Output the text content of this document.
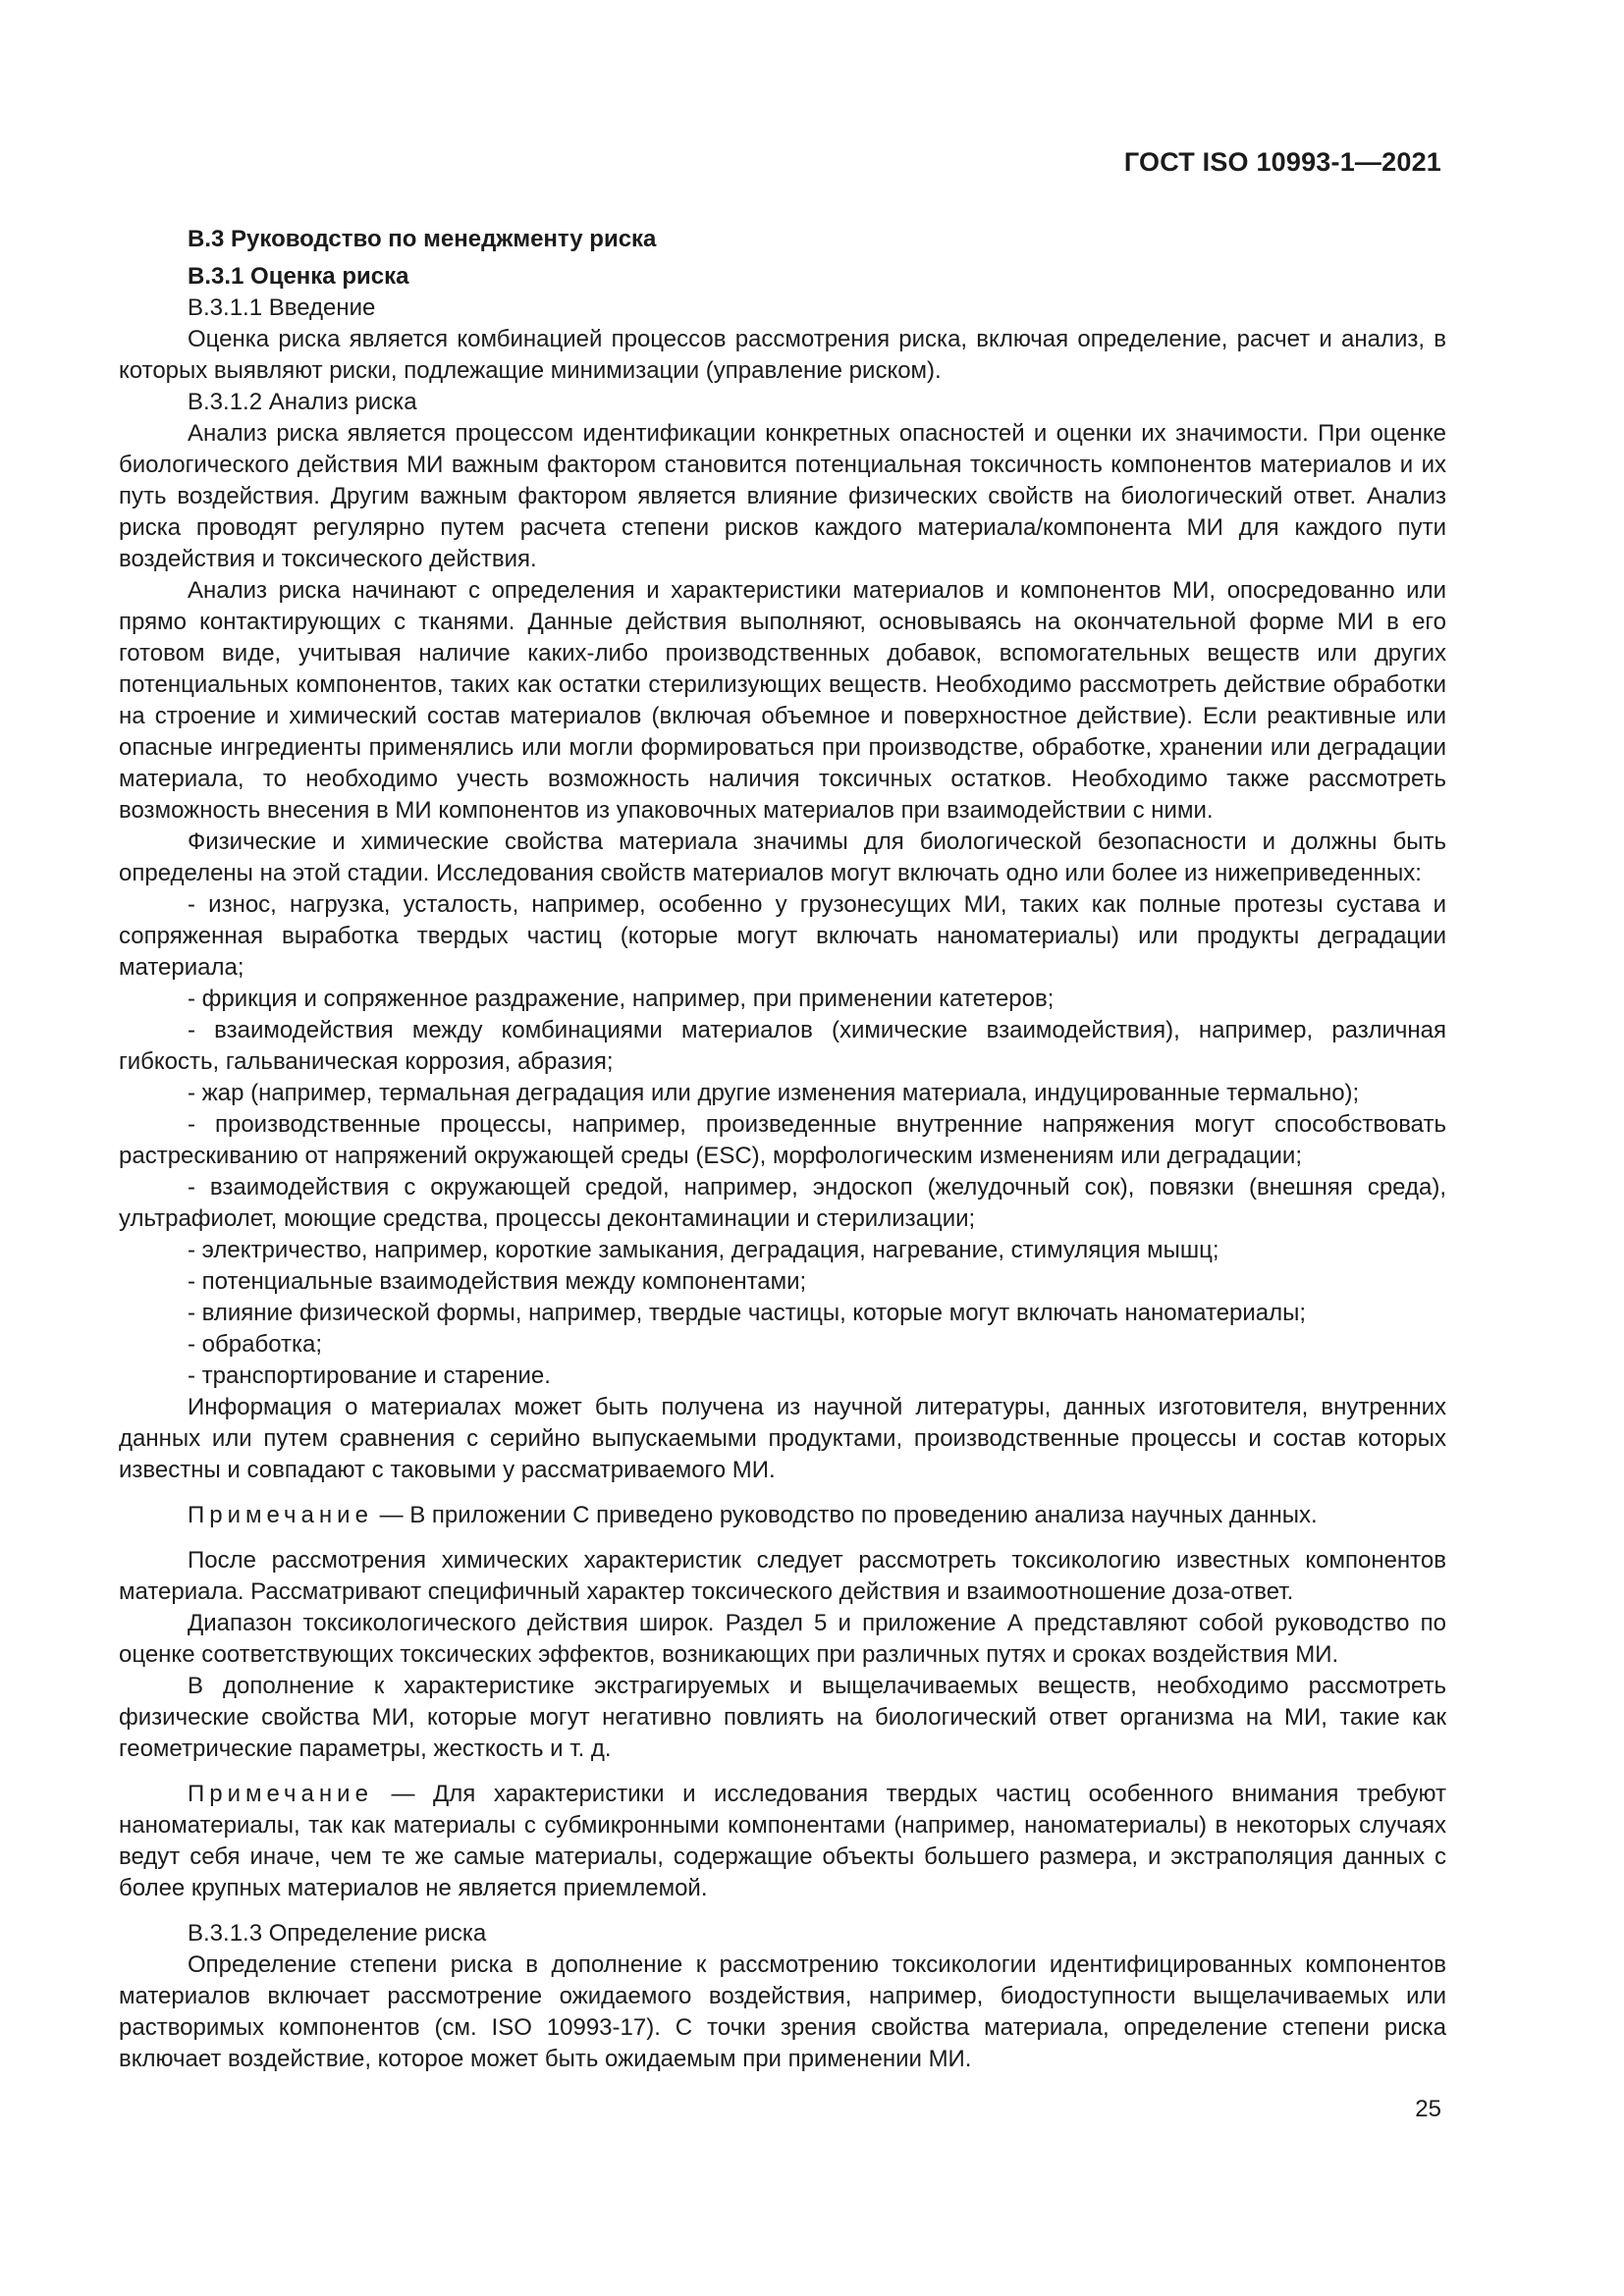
ГОСТ ISO 10993-1—2021

B.3 Руководство по менеджменту риска

B.3.1 Оценка риска

B.3.1.1 Введение

Оценка риска является комбинацией процессов рассмотрения риска, включая определение, расчет и анализ, в которых выявляют риски, подлежащие минимизации (управление риском).

B.3.1.2 Анализ риска

Анализ риска является процессом идентификации конкретных опасностей и оценки их значимости. При оценке биологического действия МИ важным фактором становится потенциальная токсичность компонентов материалов и их путь воздействия. Другим важным фактором является влияние физических свойств на биологический ответ. Анализ риска проводят регулярно путем расчета степени рисков каждого материала/компонента МИ для каждого пути воздействия и токсического действия.

Анализ риска начинают с определения и характеристики материалов и компонентов МИ, опосредованно или прямо контактирующих с тканями. Данные действия выполняют, основываясь на окончательной форме МИ в его готовом виде, учитывая наличие каких-либо производственных добавок, вспомогательных веществ или других потенциальных компонентов, таких как остатки стерилизующих веществ. Необходимо рассмотреть действие обработки на строение и химический состав материалов (включая объемное и поверхностное действие). Если реактивные или опасные ингредиенты применялись или могли формироваться при производстве, обработке, хранении или деградации материала, то необходимо учесть возможность наличия токсичных остатков. Необходимо также рассмотреть возможность внесения в МИ компонентов из упаковочных материалов при взаимодействии с ними.

Физические и химические свойства материала значимы для биологической безопасности и должны быть определены на этой стадии. Исследования свойств материалов могут включать одно или более из нижеприведенных:

- износ, нагрузка, усталость, например, особенно у грузонесущих МИ, таких как полные протезы сустава и сопряженная выработка твердых частиц (которые могут включать наноматериалы) или продукты деградации материала;

- фрикция и сопряженное раздражение, например, при применении катетеров;

- взаимодействия между комбинациями материалов (химические взаимодействия), например, различная гибкость, гальваническая коррозия, абразия;

- жар (например, термальная деградация или другие изменения материала, индуцированные термально);

- производственные процессы, например, произведенные внутренние напряжения могут способствовать растрескиванию от напряжений окружающей среды (ESC), морфологическим изменениям или деградации;

- взаимодействия с окружающей средой, например, эндоскоп (желудочный сок), повязки (внешняя среда), ультрафиолет, моющие средства, процессы деконтаминации и стерилизации;

- электричество, например, короткие замыкания, деградация, нагревание, стимуляция мышц;

- потенциальные взаимодействия между компонентами;

- влияние физической формы, например, твердые частицы, которые могут включать наноматериалы;

- обработка;

- транспортирование и старение.

Информация о материалах может быть получена из научной литературы, данных изготовителя, внутренних данных или путем сравнения с серийно выпускаемыми продуктами, производственные процессы и состав которых известны и совпадают с таковыми у рассматриваемого МИ.

Примечание — В приложении С приведено руководство по проведению анализа научных данных.

После рассмотрения химических характеристик следует рассмотреть токсикологию известных компонентов материала. Рассматривают специфичный характер токсического действия и взаимоотношение доза-ответ.

Диапазон токсикологического действия широк. Раздел 5 и приложение А представляют собой руководство по оценке соответствующих токсических эффектов, возникающих при различных путях и сроках воздействия МИ.

В дополнение к характеристике экстрагируемых и выщелачиваемых веществ, необходимо рассмотреть физические свойства МИ, которые могут негативно повлиять на биологический ответ организма на МИ, такие как геометрические параметры, жесткость и т. д.

Примечание — Для характеристики и исследования твердых частиц особенного внимания требуют наноматериалы, так как материалы с субмикронными компонентами (например, наноматериалы) в некоторых случаях ведут себя иначе, чем те же самые материалы, содержащие объекты большего размера, и экстраполяция данных с более крупных материалов не является приемлемой.

B.3.1.3 Определение риска

Определение степени риска в дополнение к рассмотрению токсикологии идентифицированных компонентов материалов включает рассмотрение ожидаемого воздействия, например, биодоступности выщелачиваемых или растворимых компонентов (см. ISO 10993-17). С точки зрения свойства материала, определение степени риска включает воздействие, которое может быть ожидаемым при применении МИ.

25
